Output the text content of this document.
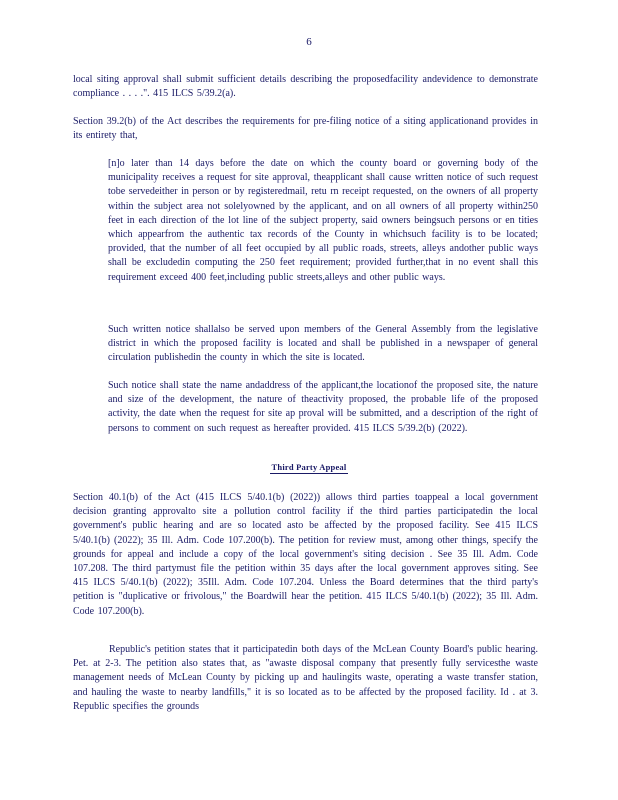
6

local siting approval shall submit sufficient details describing the proposedfacility andevidence to demonstrate compliance . . . .". 415 ILCS 5/39.2(a).

Section 39.2(b) of the Act describes the requirements for pre-filing notice of a siting applicationand provides in its entirety that,

[n]o later than 14 days before the date on which the county board or governing body of the municipality receives a request for site approval, theapplicant shall cause written notice of such request tobe servedeither in person or by registeredmail, retu rn receipt requested, on the owners of all property within the subject area not solelyowned by the applicant, and on all owners of all property within250 feet in each direction of the lot line of the subject property, said owners beingsuch persons or en tities which appearfrom the authentic tax records of the County in whichsuch facility is to be located; provided, that the number of all feet occupied by all public roads, streets, alleys andother public ways shall be excludedin computing the 250 feet requirement; provided further,that in no event shall this requirement exceed 400 feet,including public streets,alleys and other public ways.

Such written notice shallalso be served upon members of the General Assembly from the legislative district in which the proposed facility is located and shall be published in a newspaper of general circulation publishedin the county in which the site is located.

Such notice shall state the name andaddress of the applicant,the locationof the proposed site, the nature and size of the development, the nature of theactivity proposed, the probable life of the proposed activity, the date when the request for site ap proval will be submitted, and a description of the right of persons to comment on such request as hereafter provided. 415 ILCS 5/39.2(b) (2022).

Third Party Appeal

Section 40.1(b) of the Act (415 ILCS 5/40.1(b) (2022)) allows third parties toappeal a local government decision granting approvalto site a pollution control facility if the third parties participatedin the local government's public hearing and are so located asto be affected by the proposed facility. See 415 ILCS 5/40.1(b) (2022); 35 Ill. Adm. Code 107.200(b). The petition for review must, among other things, specify the grounds for appeal and include a copy of the local government's siting decision . See 35 Ill. Adm. Code 107.208. The third partymust file the petition within 35 days after the local government approves siting. See 415 ILCS 5/40.1(b) (2022); 35Ill. Adm. Code 107.204. Unless the Board determines that the third party's petition is "duplicative or frivolous," the Boardwill hear the petition. 415 ILCS 5/40.1(b) (2022); 35 Ill. Adm. Code 107.200(b).

Republic's petition states that it participatedin both days of the McLean County Board's public hearing. Pet. at 2-3. The petition also states that, as "awaste disposal company that presently fully servicesthe waste management needs of McLean County by picking up and haulingits waste, operating a waste transfer station, and hauling the waste to nearby landfills," it is so located as to be affected by the proposed facility. Id . at 3. Republic specifies the grounds
